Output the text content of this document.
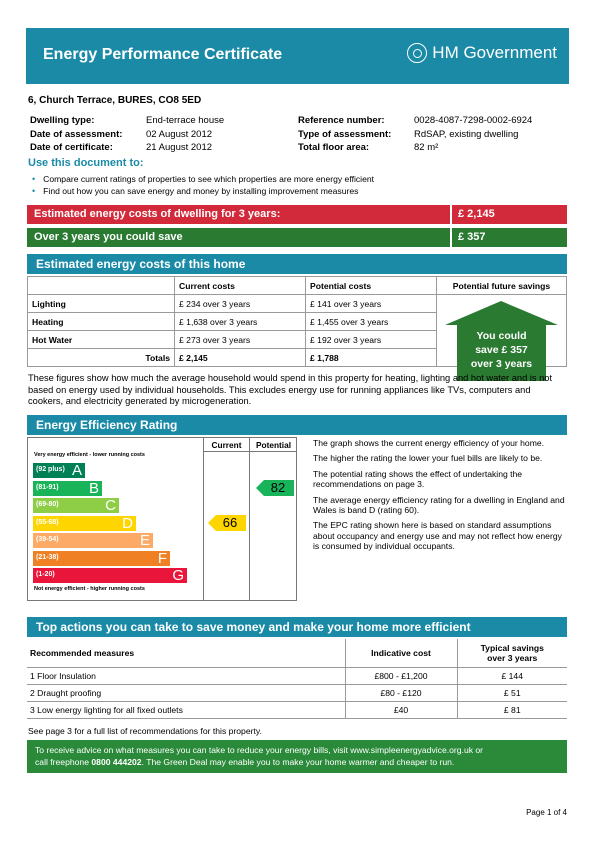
Energy Performance Certificate	HM Government
6, Church Terrace, BURES, CO8 5ED
Dwelling type:	End-terrace house
Date of assessment:	02 August 2012
Date of certificate:	21 August 2012
Reference number:	0028-4087-7298-0002-6924
Type of assessment:	RdSAP, existing dwelling
Total floor area:	82 m²
Use this document to:
• Compare current ratings of properties to see which properties are more energy efficient
• Find out how you can save energy and money by installing improvement measures
Estimated energy costs of dwelling for 3 years:	£ 2,145
Over 3 years you could save	£ 357
Estimated energy costs of this home
	Current costs	Potential costs	Potential future savings
Lighting	£ 234 over 3 years	£ 141 over 3 years	You could
save £ 357
over 3 years

Heating	£ 1,638 over 3 years	£ 1,455 over 3 years	
Hot Water	£ 273 over 3 years	£ 192 over 3 years	
Totals	£ 2,145	£ 1,788	
These figures show how much the average household would spend in this property for heating, lighting and hot water and is not based on energy used by individual households. This excludes energy use for running appliances like TVs, computers and cookers, and electricity generated by microgeneration.
Energy Efficiency Rating
Very energy efficient - lower running costs
(92 plus) A
(81-91) B
(69-80)	C
(55-68)	D
(39-54)	E
(21-38)	F
(1-20)	G
Not energy efficient - higher running costs
Current	Potential
66
82

The graph shows the current energy efficiency of your home.

The higher the rating the lower your fuel bills are likely to be.

The potential rating shows the effect of undertaking the recommendations on page 3.

The average energy efficiency rating for a dwelling in England and Wales is band D (rating 60).

The EPC rating shown here is based on standard assumptions about occupancy and energy use and may not reflect how energy is consumed by individual occupants.

Top actions you can take to save money and make your home more efficient
Recommended measures	Indicative cost	Typical savings
over 3 years

1 Floor Insulation	£800 - £1,200	£ 144
2 Draught proofing	£80 - £120	£ 51
3 Low energy lighting for all fixed outlets	£40	£ 81
See page 3 for a full list of recommendations for this property.
To receive advice on what measures you can take to reduce your energy bills, visit www.simpleenergyadvice.org.uk or
call freephone 0800 444202. The Green Deal may enable you to make your home warmer and cheaper to run.
Page 1 of 4
